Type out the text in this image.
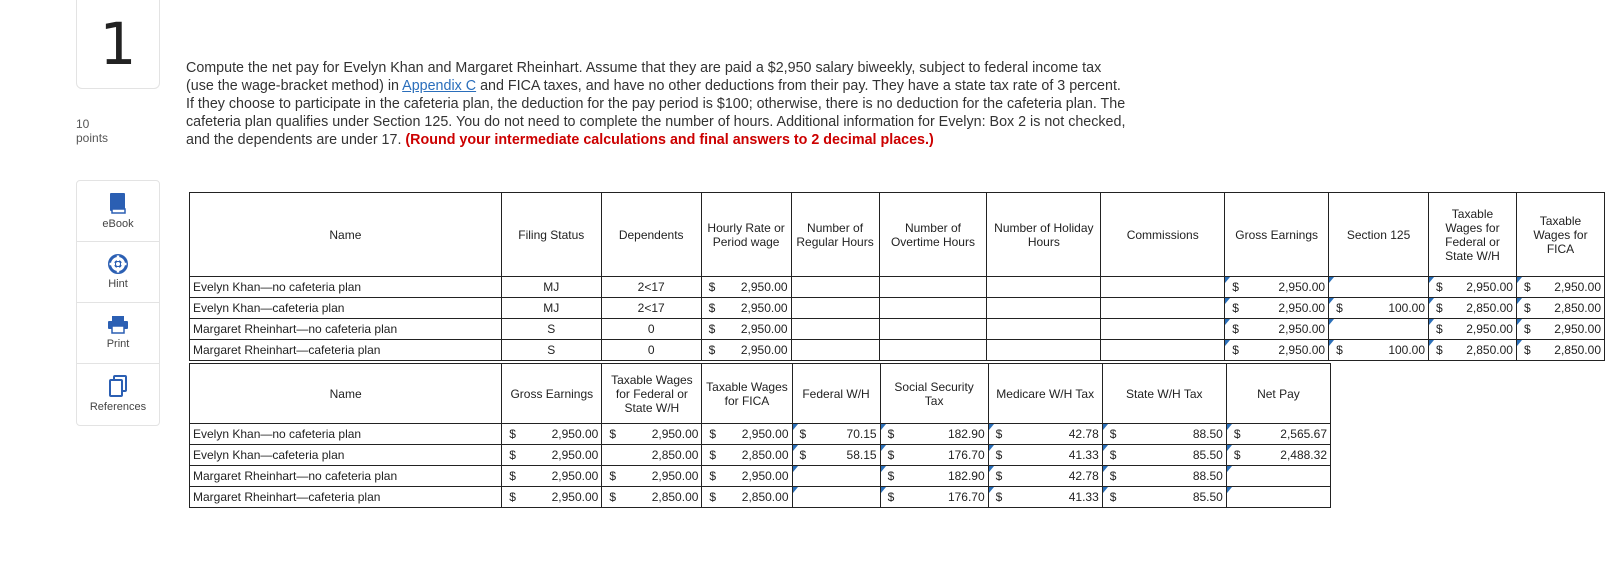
1
10
points
eBook
Hint
Print
References
Compute the net pay for Evelyn Khan and Margaret Rheinhart. Assume that they are paid a $2,950 salary biweekly, subject to federal income tax (use the wage-bracket method) in Appendix C and FICA taxes, and have no other deductions from their pay. They have a state tax rate of 3 percent. If they choose to participate in the cafeteria plan, the deduction for the pay period is $100; otherwise, there is no deduction for the cafeteria plan. The cafeteria plan qualifies under Section 125. You do not need to complete the number of hours. Additional information for Evelyn: Box 2 is not checked, and the dependents are under 17. (Round your intermediate calculations and final answers to 2 decimal places.)
Name	Filing Status	Dependents	Hourly Rate or Period wage	Number of Regular Hours	Number of Overtime Hours	Number of Holiday Hours	Commissions	Gross Earnings	Section 125	Taxable Wages for Federal or State W/H	Taxable Wages for FICA
Evelyn Khan—no cafeteria plan	MJ	2<17	$ 2,950.00					$ 2,950.00		$ 2,950.00	$ 2,950.00

Evelyn Khan—cafeteria plan	MJ	2<17	$ 2,950.00					$ 2,950.00	$ 100.00	$ 2,850.00	$ 2,850.00

Margaret Rheinhart—no cafeteria plan	S	0	$ 2,950.00					$ 2,950.00		$ 2,950.00	$ 2,950.00

Margaret Rheinhart—cafeteria plan	S	0	$ 2,950.00					$ 2,950.00	$ 100.00	$ 2,850.00	$ 2,850.00
Name	Gross Earnings	Taxable Wages for Federal or State W/H	Taxable Wages for FICA	Federal W/H	Social Security Tax	Medicare W/H Tax	State W/H Tax	Net Pay
Evelyn Khan—no cafeteria plan	$ 2,950.00	$ 2,950.00	$ 2,950.00	$ 70.15	$ 182.90	$ 42.78	$ 88.50	$ 2,565.67

Evelyn Khan—cafeteria plan	$ 2,950.00	2,850.00	$ 2,850.00	$ 58.15	$ 176.70	$ 41.33	$ 85.50	$ 2,488.32

Margaret Rheinhart—no cafeteria plan	$ 2,950.00	$ 2,950.00	$ 2,950.00		$ 182.90	$ 42.78	$ 88.50	

Margaret Rheinhart—cafeteria plan	$ 2,950.00	$ 2,850.00	$ 2,850.00		$ 176.70	$ 41.33	$ 85.50	
